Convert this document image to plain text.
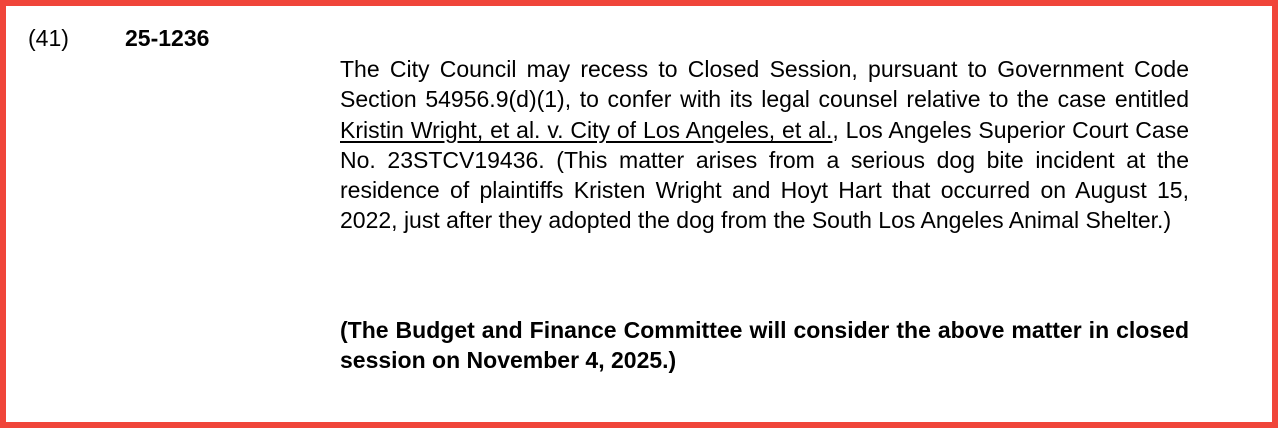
(41) 25-1236
The City Council may recess to Closed Session, pursuant to Government Code Section 54956.9(d)(1), to confer with its legal counsel relative to the case entitled Kristin Wright, et al. v. City of Los Angeles, et al., Los Angeles Superior Court Case No. 23STCV19436. (This matter arises from a serious dog bite incident at the residence of plaintiffs Kristen Wright and Hoyt Hart that occurred on August 15, 2022, just after they adopted the dog from the South Los Angeles Animal Shelter.)
(The Budget and Finance Committee will consider the above matter in closed session on November 4, 2025.)
